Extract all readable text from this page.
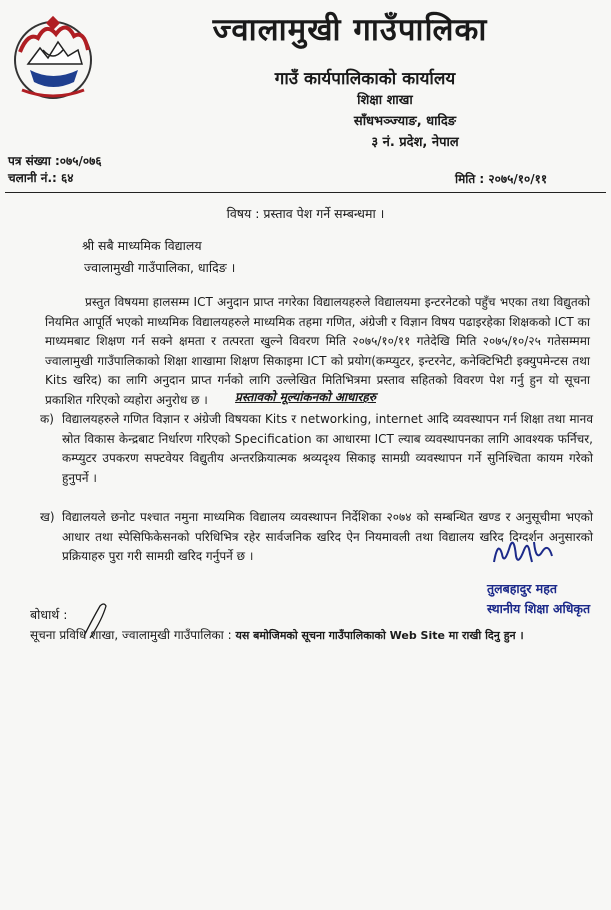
ज्वालामुखी गाउँपालिका
गाउँ कार्यपालिकाको कार्यालय
शिक्षा शाखा
साँधभञ्ज्याङ, धादिङ
३ नं. प्रदेश, नेपाल
पत्र संख्या :०७५/०७६
चलानी नं.: ६४	मिति : २०७५/१०/११
विषय : प्रस्ताव पेश गर्ने सम्बन्धमा ।
श्री सबै माध्यमिक विद्यालय
ज्वालामुखी गाउँपालिका, धादिङ ।
प्रस्तुत विषयमा हालसम्म ICT अनुदान प्राप्त नगरेका विद्यालयहरुले विद्यालयमा इन्टरनेटको पहुँच भएका तथा विद्युतको नियमित आपूर्ति भएको माध्यमिक विद्यालयहरुले माध्यमिक तहमा गणित, अंग्रेजी र विज्ञान विषय पढाइरहेका शिक्षकको ICT का माध्यमबाट शिक्षण गर्न सक्ने क्षमता र तत्परता खुल्ने विवरण मिति २०७५/१०/११ गतेदेखि मिति २०७५/१०/२५ गतेसम्ममा ज्वालामुखी गाउँपालिकाको शिक्षा शाखामा शिक्षण सिकाइमा ICT को प्रयोग(कम्प्युटर, इन्टरनेट, कनेक्टिभिटी इक्युपमेन्टस तथा Kits खरिद) का लागि अनुदान प्राप्त गर्नको लागि उल्लेखित मितिभित्रमा प्रस्ताव सहितको विवरण पेश गर्नु हुन यो सूचना प्रकाशित गरिएको व्यहोरा अनुरोध छ ।	प्रस्तावको मूल्यांकनको आधारहरु
क) विद्यालयहरुले गणित विज्ञान र अंग्रेजी विषयका Kits र networking, internet आदि व्यवस्थापन गर्न शिक्षा तथा मानव स्रोत विकास केन्द्रबाट निर्धारण गरिएको Specification का आधारमा ICT ल्याब व्यवस्थापनका लागि आवश्यक फर्निचर, कम्प्युटर उपकरण सफ्टवेयर विद्युतीय अन्तरक्रियात्मक श्रव्यदृश्य सिकाइ सामग्री व्यवस्थापन गर्ने सुनिश्चिता कायम गरेको हुनुपर्ने ।
ख) विद्यालयले छनोट पश्चात नमुना माध्यमिक विद्यालय व्यवस्थापन निर्देशिका २०७४ को सम्बन्धित खण्ड र अनुसूचीमा भएको आधार तथा स्पेसिफिकेसनको परिधिभित्र रहेर सार्वजनिक खरिद ऐन नियमावली तथा विद्यालय खरिद दिग्दर्शन अनुसारको प्रक्रियाहरु पुरा गरी सामग्री खरिद गर्नुपर्ने छ ।
तुलबहादुर महत
स्थानीय शिक्षा अधिकृत
बोधार्थ :
सूचना प्रविधि शाखा, ज्वालामुखी गाउँपालिका : यस बमोजिमको सूचना गाउँपालिकाको Web Site मा राखी दिनु हुन ।
